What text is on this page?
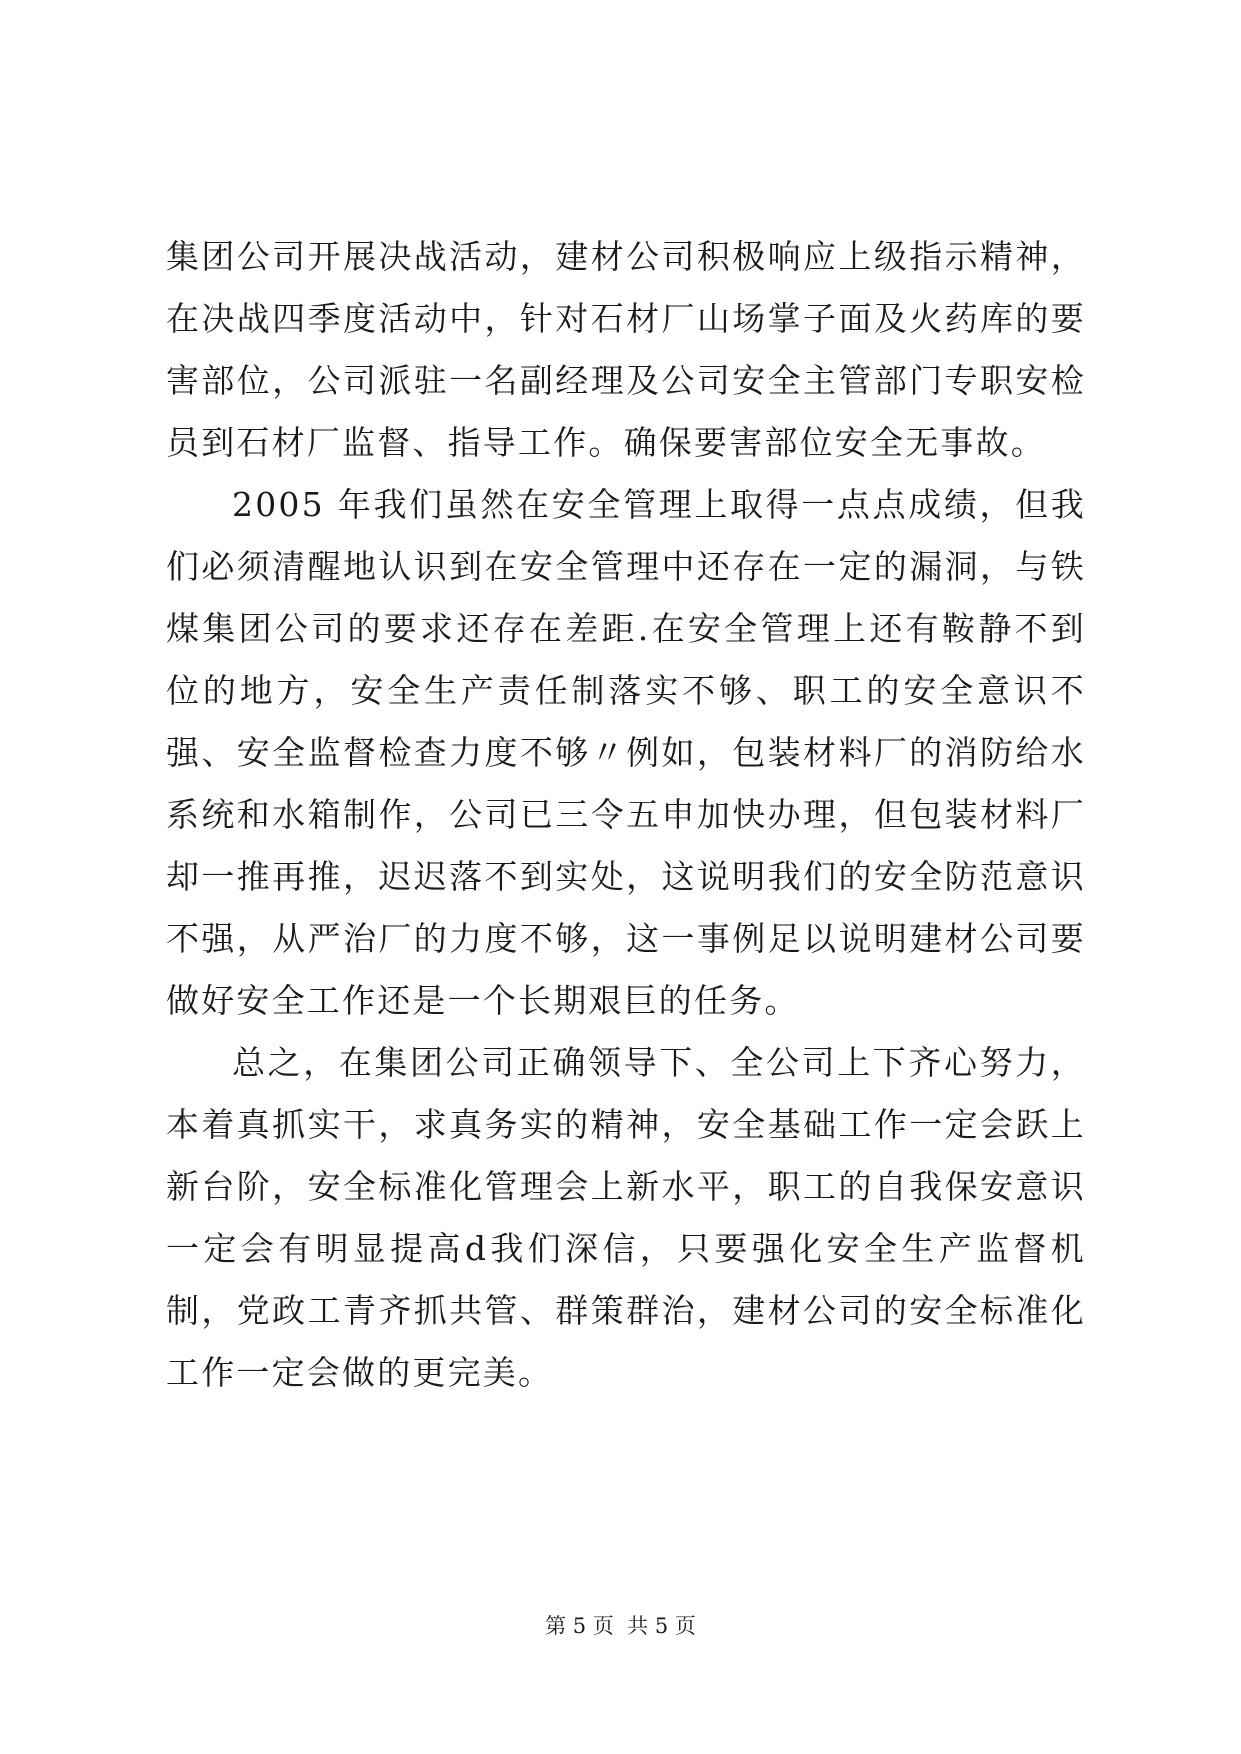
集团公司开展决战活动，建材公司积极响应上级指示精神，在决战四季度活动中，针对石材厂山场掌子面及火药库的要害部位，公司派驻一名副经理及公司安全主管部门专职安检员到石材厂监督、指导工作。确保要害部位安全无事故。

2005 年我们虽然在安全管理上取得一点点成绩，但我们必须清醒地认识到在安全管理中还存在一定的漏洞，与铁煤集团公司的要求还存在差距.在安全管理上还有鞍静不到位的地方，安全生产责任制落实不够、职工的安全意识不强、安全监督检查力度不够〃例如，包装材料厂的消防给水系统和水箱制作，公司已三令五申加快办理，但包装材料厂却一推再推，迟迟落不到实处，这说明我们的安全防范意识不强，从严治厂的力度不够，这一事例足以说明建材公司要做好安全工作还是一个长期艰巨的任务。

总之，在集团公司正确领导下、全公司上下齐心努力，本着真抓实干，求真务实的精神，安全基础工作一定会跃上新台阶，安全标准化管理会上新水平，职工的自我保安意识一定会有明显提高d我们深信，只要强化安全生产监督机制，党政工青齐抓共管、群策群治，建材公司的安全标准化工作一定会做的更完美。

第 5 页  共 5 页
